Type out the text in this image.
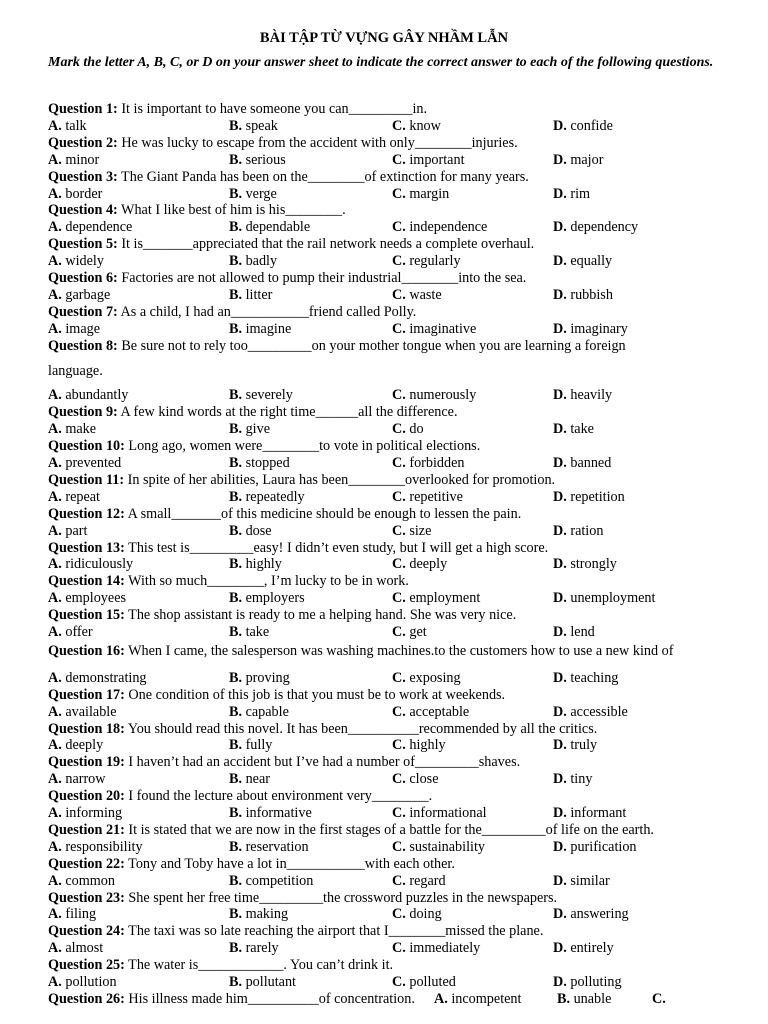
BÀI TẬP TỪ VỰNG GÂY NHẦM LẪN
Mark the letter A, B, C, or D on your answer sheet to indicate the correct answer to each of the following questions.
Question 1: It is important to have someone you can_________in.
A. talk	B. speak	C. know	D. confide
Question 2: He was lucky to escape from the accident with only________injuries.
A. minor	B. serious	C. important	D. major
Question 3: The Giant Panda has been on the________of extinction for many years.
A. border	B. verge	C. margin	D. rim
Question 4: What I like best of him is his________.
A. dependence	B. dependable	C. independence	D. dependency
Question 5: It is_______appreciated that the rail network needs a complete overhaul.
A. widely	B. badly	C. regularly	D. equally
Question 6: Factories are not allowed to pump their industrial________into the sea.
A. garbage	B. litter	C. waste	D. rubbish
Question 7: As a child, I had an___________friend called Polly.
A. image	B. imagine	C. imaginative	D. imaginary
Question 8: Be sure not to rely too_________on your mother tongue when you are learning a foreign
language.
A. abundantly	B. severely	C. numerously	D. heavily
Question 9: A few kind words at the right time______all the difference.
A. make	B. give	C. do	D. take
Question 10: Long ago, women were________to vote in political elections.
A. prevented	B. stopped	C. forbidden	D. banned
Question 11: In spite of her abilities, Laura has been________overlooked for promotion.
A. repeat	B. repeatedly	C. repetitive	D. repetition
Question 12: A small_______of this medicine should be enough to lessen the pain.
A. part	B. dose	C. size	D. ration
Question 13: This test is_________easy! I didn’t even study, but I will get a high score.
A. ridiculously	B. highly	C. deeply	D. strongly
Question 14: With so much________, I’m lucky to be in work.
A. employees	B. employers	C. employment	D. unemployment
Question 15: The shop assistant is ready to me a helping hand. She was very nice.
A. offer	B. take	C. get	D. lend
Question 16: When I came, the salesperson was washing machines.to the customers how to use a new kind of
A. demonstrating	B. proving	C. exposing	D. teaching
Question 17: One condition of this job is that you must be to work at weekends.
A. available	B. capable	C. acceptable	D. accessible
Question 18: You should read this novel. It has been__________recommended by all the critics.
A. deeply	B. fully	C. highly	D. truly
Question 19: I haven’t had an accident but I’ve had a number of_________shaves.
A. narrow	B. near	C. close	D. tiny
Question 20: I found the lecture about environment very________.
A. informing	B. informative	C. informational	D. informant
Question 21: It is stated that we are now in the first stages of a battle for the_________of life on the earth.
A. responsibility	B. reservation	C. sustainability	D. purification
Question 22: Tony and Toby have a lot in___________with each other.
A. common	B. competition	C. regard	D. similar
Question 23: She spent her free time_________the crossword puzzles in the newspapers.
A. filing	B. making	C. doing	D. answering
Question 24: The taxi was so late reaching the airport that I________missed the plane.
A. almost	B. rarely	C. immediately	D. entirely
Question 25: The water is____________. You can’t drink it.
A. pollution	B. pollutant	C. polluted	D. polluting
Question 26: His illness made him__________of concentration. A. incompetent	B. unable	C.
